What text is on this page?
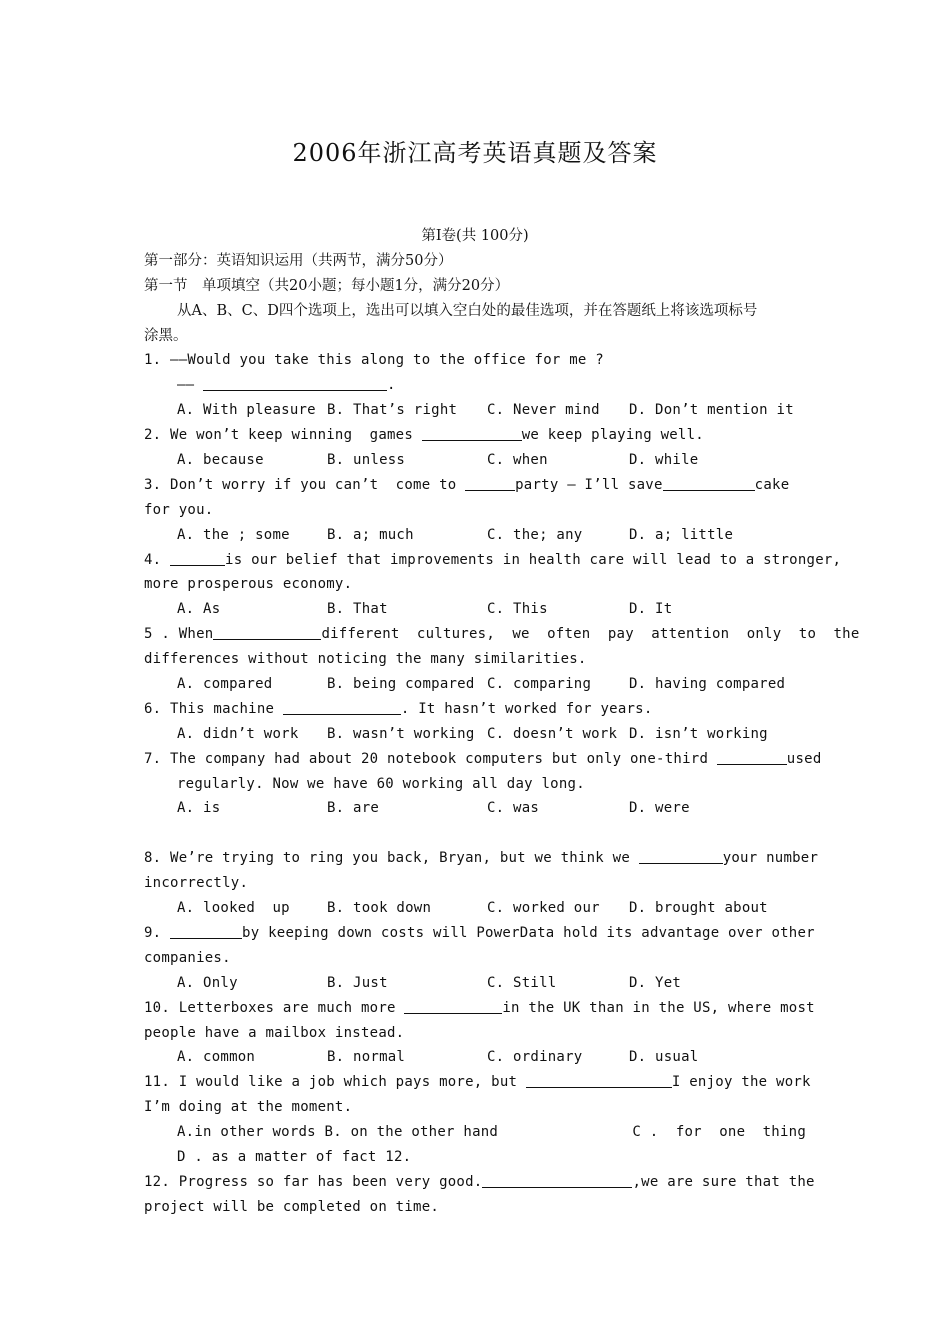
2006年浙江高考英语真题及答案
第I卷(共 100分)
第一部分：英语知识运用（共两节，满分50分）
第一节　单项填空（共20小题；每小题1分，满分20分）
从A、B、C、D四个选项上，选出可以填入空白处的最佳选项，并在答题纸上将该选项标号
涂黑。
1. ——Would you take this along to the office for me ?
——	.
A. With pleasure B. That’s right	C. Never mind	D. Don’t mention it
2. We won’t keep winning  games	we keep playing well.
A. because	B. unless	C. when	D. while
3. Don’t worry if you can’t  come to	party — I’ll save	cake
for you.
A. the ; some	B. a; much	C. the; any	D. a; little
4.	is our belief that improvements in health care will lead to a stronger,
more prosperous economy.
A. As	B. That	C. This	D. It
5 . When	different  cultures,  we  often  pay  attention  only  to  the
differences without noticing the many similarities.
A. compared	B. being compared C. comparing	D. having compared
6. This machine	. It hasn’t worked for years.
A. didn’t work	B. wasn’t working C. doesn’t work D. isn’t working
7. The company had about 20 notebook computers but only one-third	used
regularly. Now we have 60 working all day long.
A. is	B. are	C. was	D. were
8. We’re trying to ring you back, Bryan, but we think we	your number
incorrectly.
A. looked  up	B. took down	C. worked our	D. brought about
9.	by keeping down costs will PowerData hold its advantage over other
companies.
A. Only	B. Just	C. Still	D. Yet
10. Letterboxes are much more	in the UK than in the US, where most
people have a mailbox instead.
A. common	B. normal	C. ordinary	D. usual
11. I would like a job which pays more, but	I enjoy the work
I’m doing at the moment.
A.in other words B. on the other hand	C .  for  one  thing
D . as a matter of fact 12.
12. Progress so far has been very good.	,we are sure that the
project will be completed on time.
